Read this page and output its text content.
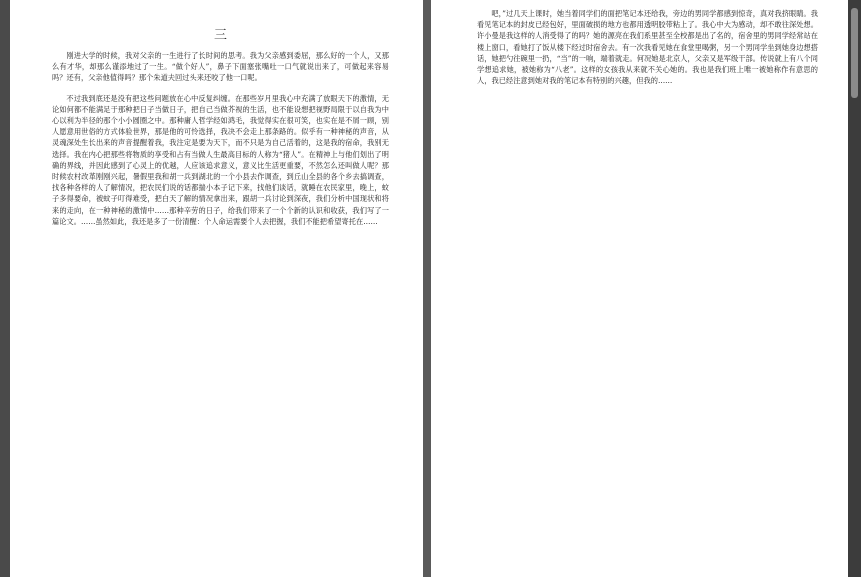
三

刚进大学的时候，我对父亲的一生进行了长时间的思考。我为父亲感到委屈，那么好的一个人，又那么有才华，却那么谨添地过了一生。“做个好人”，鼻子下面塞张嘴吐一口气就说出来了，可做起来容易吗？还有，父亲他值得吗？那个朱道夫回过头来还咬了他一口呢。

不过我到底还是没有把这些问题放在心中反复纠缠。在那些岁月里我心中充满了放眼天下的激情，无论如何都不能满足于那种把日子当做日子，把自己当做芥视的生活，也不能设想把视野局限于以自我为中心以利为半径的那个小小圆圈之中。那种庸人哲学经如鸿毛，我觉得实在很可笑，也实在是不屑一顾，别人愿意用世俗的方式体验世界，那是他的可怜选择，我决不会走上那条路的。似乎有一种神秘的声音，从灵魂深处生长出来的声音提醒着我，我注定是要为天下，而不只是为自己活着的，这是我的宿命，我别无选择。我在内心把那些将物质的享受和占有当做人生最高目标的人称为“猪人”。在精神上与他们划出了明确的界线，并因此感到了心灵上的优越，人应该追求意义，意义比生活更重要，不然怎么还叫做人呢？那时候农村改革刚刚兴起，暑假里我和胡一兵到湖北的一个小县去作调查，到丘山全县的各个乡去搞调查，找各种各样的人了解情况，把农民们说的话都揣小本子记下来，找他们谈话，就睡在农民家里，晚上，蚊子多得要命，被蚊子叮得难受，把白天了解的情况拿出来，跟胡一兵讨论到深夜，我们分析中国现状和将来的走向，在一种神秘的激情中……那种辛劳的日子，给我们带来了一个个新的认识和收获，我们写了一篇论文。……虽然如此，我还是多了一份清醒：个人命运需要个人去把握，我们不能把希望寄托在……

吧，”过几天上课时，她当着同学们的面把笔记本还给我，旁边的男同学都感到惊奇，真对我挤眼睛。我看见笔记本的封皮已经包好，里面破损的地方也都用透明胶带粘上了。我心中大为感动，却不敢往深处想。许小曼是我这样的人消受得了的吗？她的源亮在我们系里甚至全校都是出了名的，宿舍里的男同学经常站在楼上窗口，看她打了饭从楼下经过时宿舍去。有一次我看见她在食堂里喝粥，另一个男同学坐到她身边想搭话，她把勺往碗里一扔，“当”的一响，端着就走。何况她是北京人，父亲又是军级干部。传说就上有八个同学想追求她，被她称为“八老”。这样的女孩我从来就不关心她的。我也是我们班上唯一被她称作有意思的人，我已经注意到她对我的笔记本有特别的兴趣，但我的……
